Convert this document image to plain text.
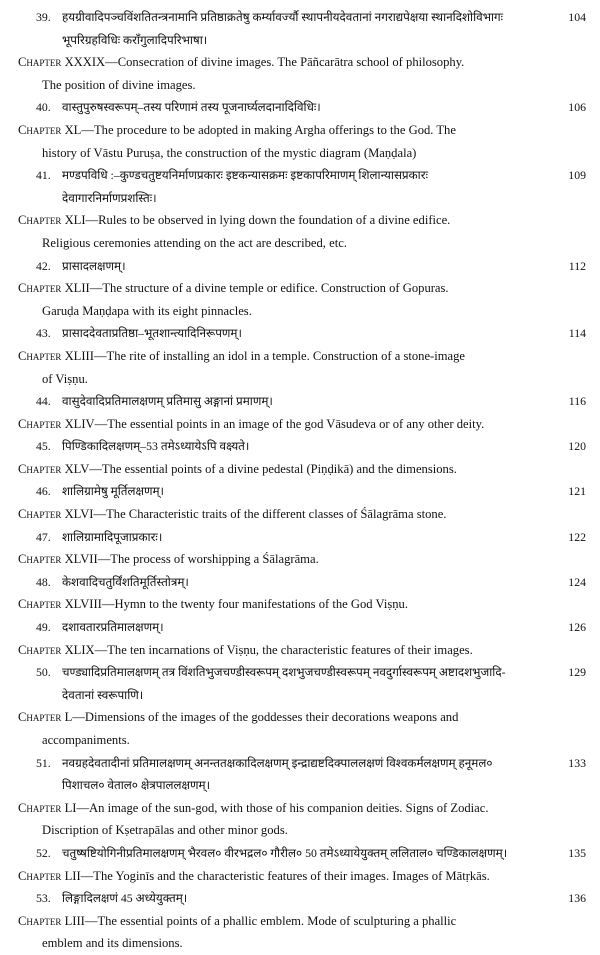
39. हयग्रीवादिपञ्चविंशतितन्त्रनामानि प्रतिष्ठाक्रतेषु कर्म्यावर्ज्यौ स्थापनीयदेवतानां नगराद्यपेक्षया स्थानदिशोविभागः	104
भूपरिग्रहविधिः कराँगुलादिपरिभाषा।
Chapter XXXIX—Consecration of divine images. The Pāñcarātra school of philosophy.
The position of divine images.
40. वास्तुपुरुषस्वरूपम्–तस्य परिणामं तस्य पूजनार्घ्यलदानादिविधिः।	106
Chapter XL—The procedure to be adopted in making Argha offerings to the God. The
history of Vāstu Puruṣa, the construction of the mystic diagram (Maṇḍala)
41. मण्डपविधि :–कुण्डचतुष्टयनिर्माणप्रकारः इष्टकन्यासक्रमः इष्टकापरिमाणम् शिलान्यासप्रकारः	109
देवागारनिर्माणप्रशस्तिः।
Chapter XLI—Rules to be observed in lying down the foundation of a divine edifice.
Religious ceremonies attending on the act are described, etc.
42. प्रासादलक्षणम्।	112
Chapter XLII—The structure of a divine temple or edifice. Construction of Gopuras.
Garuḍa Maṇḍapa with its eight pinnacles.
43. प्रासाददेवताप्रतिष्ठा–भूतशान्त्यादिनिरूपणम्।	114
Chapter XLIII—The rite of installing an idol in a temple. Construction of a stone-image
of Viṣṇu.
44. वासुदेवादिप्रतिमालक्षणम् प्रतिमासु अङ्गानां प्रमाणम्।	116
Chapter XLIV—The essential points in an image of the god Vāsudeva or of any other deity.
45. पिण्डिकादिलक्षणम्–53 तमेऽध्यायेऽपि वक्ष्यते।	120
Chapter XLV—The essential points of a divine pedestal (Piṇḍikā) and the dimensions.
46. शालिग्रामेषु मूर्तिलक्षणम्।	121
Chapter XLVI—The Characteristic traits of the different classes of Śālagrāma stone.
47. शालिग्रामादिपूजाप्रकारः।	122
Chapter XLVII—The process of worshipping a Śālagrāma.
48. केशवादिचतुर्विंशतिमूर्तिस्तोत्रम्।	124
Chapter XLVIII—Hymn to the twenty four manifestations of the God Viṣṇu.
49. दशावतारप्रतिमालक्षणम्।	126
Chapter XLIX—The ten incarnations of Viṣṇu, the characteristic features of their images.
50. चण्ड्यादिप्रतिमालक्षणम् तत्र विंशतिभुजचण्डीस्वरूपम् दशभुजचण्डीस्वरूपम् नवदुर्गास्वरूपम् अष्टादशभुजादि-	129
देवतानां स्वरूपाणि।
Chapter L—Dimensions of the images of the goddesses their decorations weapons and
accompaniments.
51. नवग्रहदेवतादीनां प्रतिमालक्षणम् अनन्ततक्षकादिलक्षणम् इन्द्राद्यष्टदिक्पाललक्षणं विश्वकर्मलक्षणम् हनूमल०	133
पिशाचल० वेताल० क्षेत्रपाललक्षणम्।
Chapter LI—An image of the sun-god, with those of his companion deities. Signs of Zodiac.
Discription of Kṣetrapālas and other minor gods.
52. चतुष्षष्टियोगिनीप्रतिमालक्षणम् भैरवल० वीरभद्रल० गौरील० 50 तमेऽध्यायेयुक्तम् ललिताल० चण्डिकालक्षणम्।	135
Chapter LII—The Yoginīs and the characteristic features of their images. Images of Mātṛkās.
53. लिङ्गादिलक्षणं 45 अध्येयुक्तम्।	136
Chapter LIII—The essential points of a phallic emblem. Mode of sculpturing a phallic
emblem and its dimensions.
